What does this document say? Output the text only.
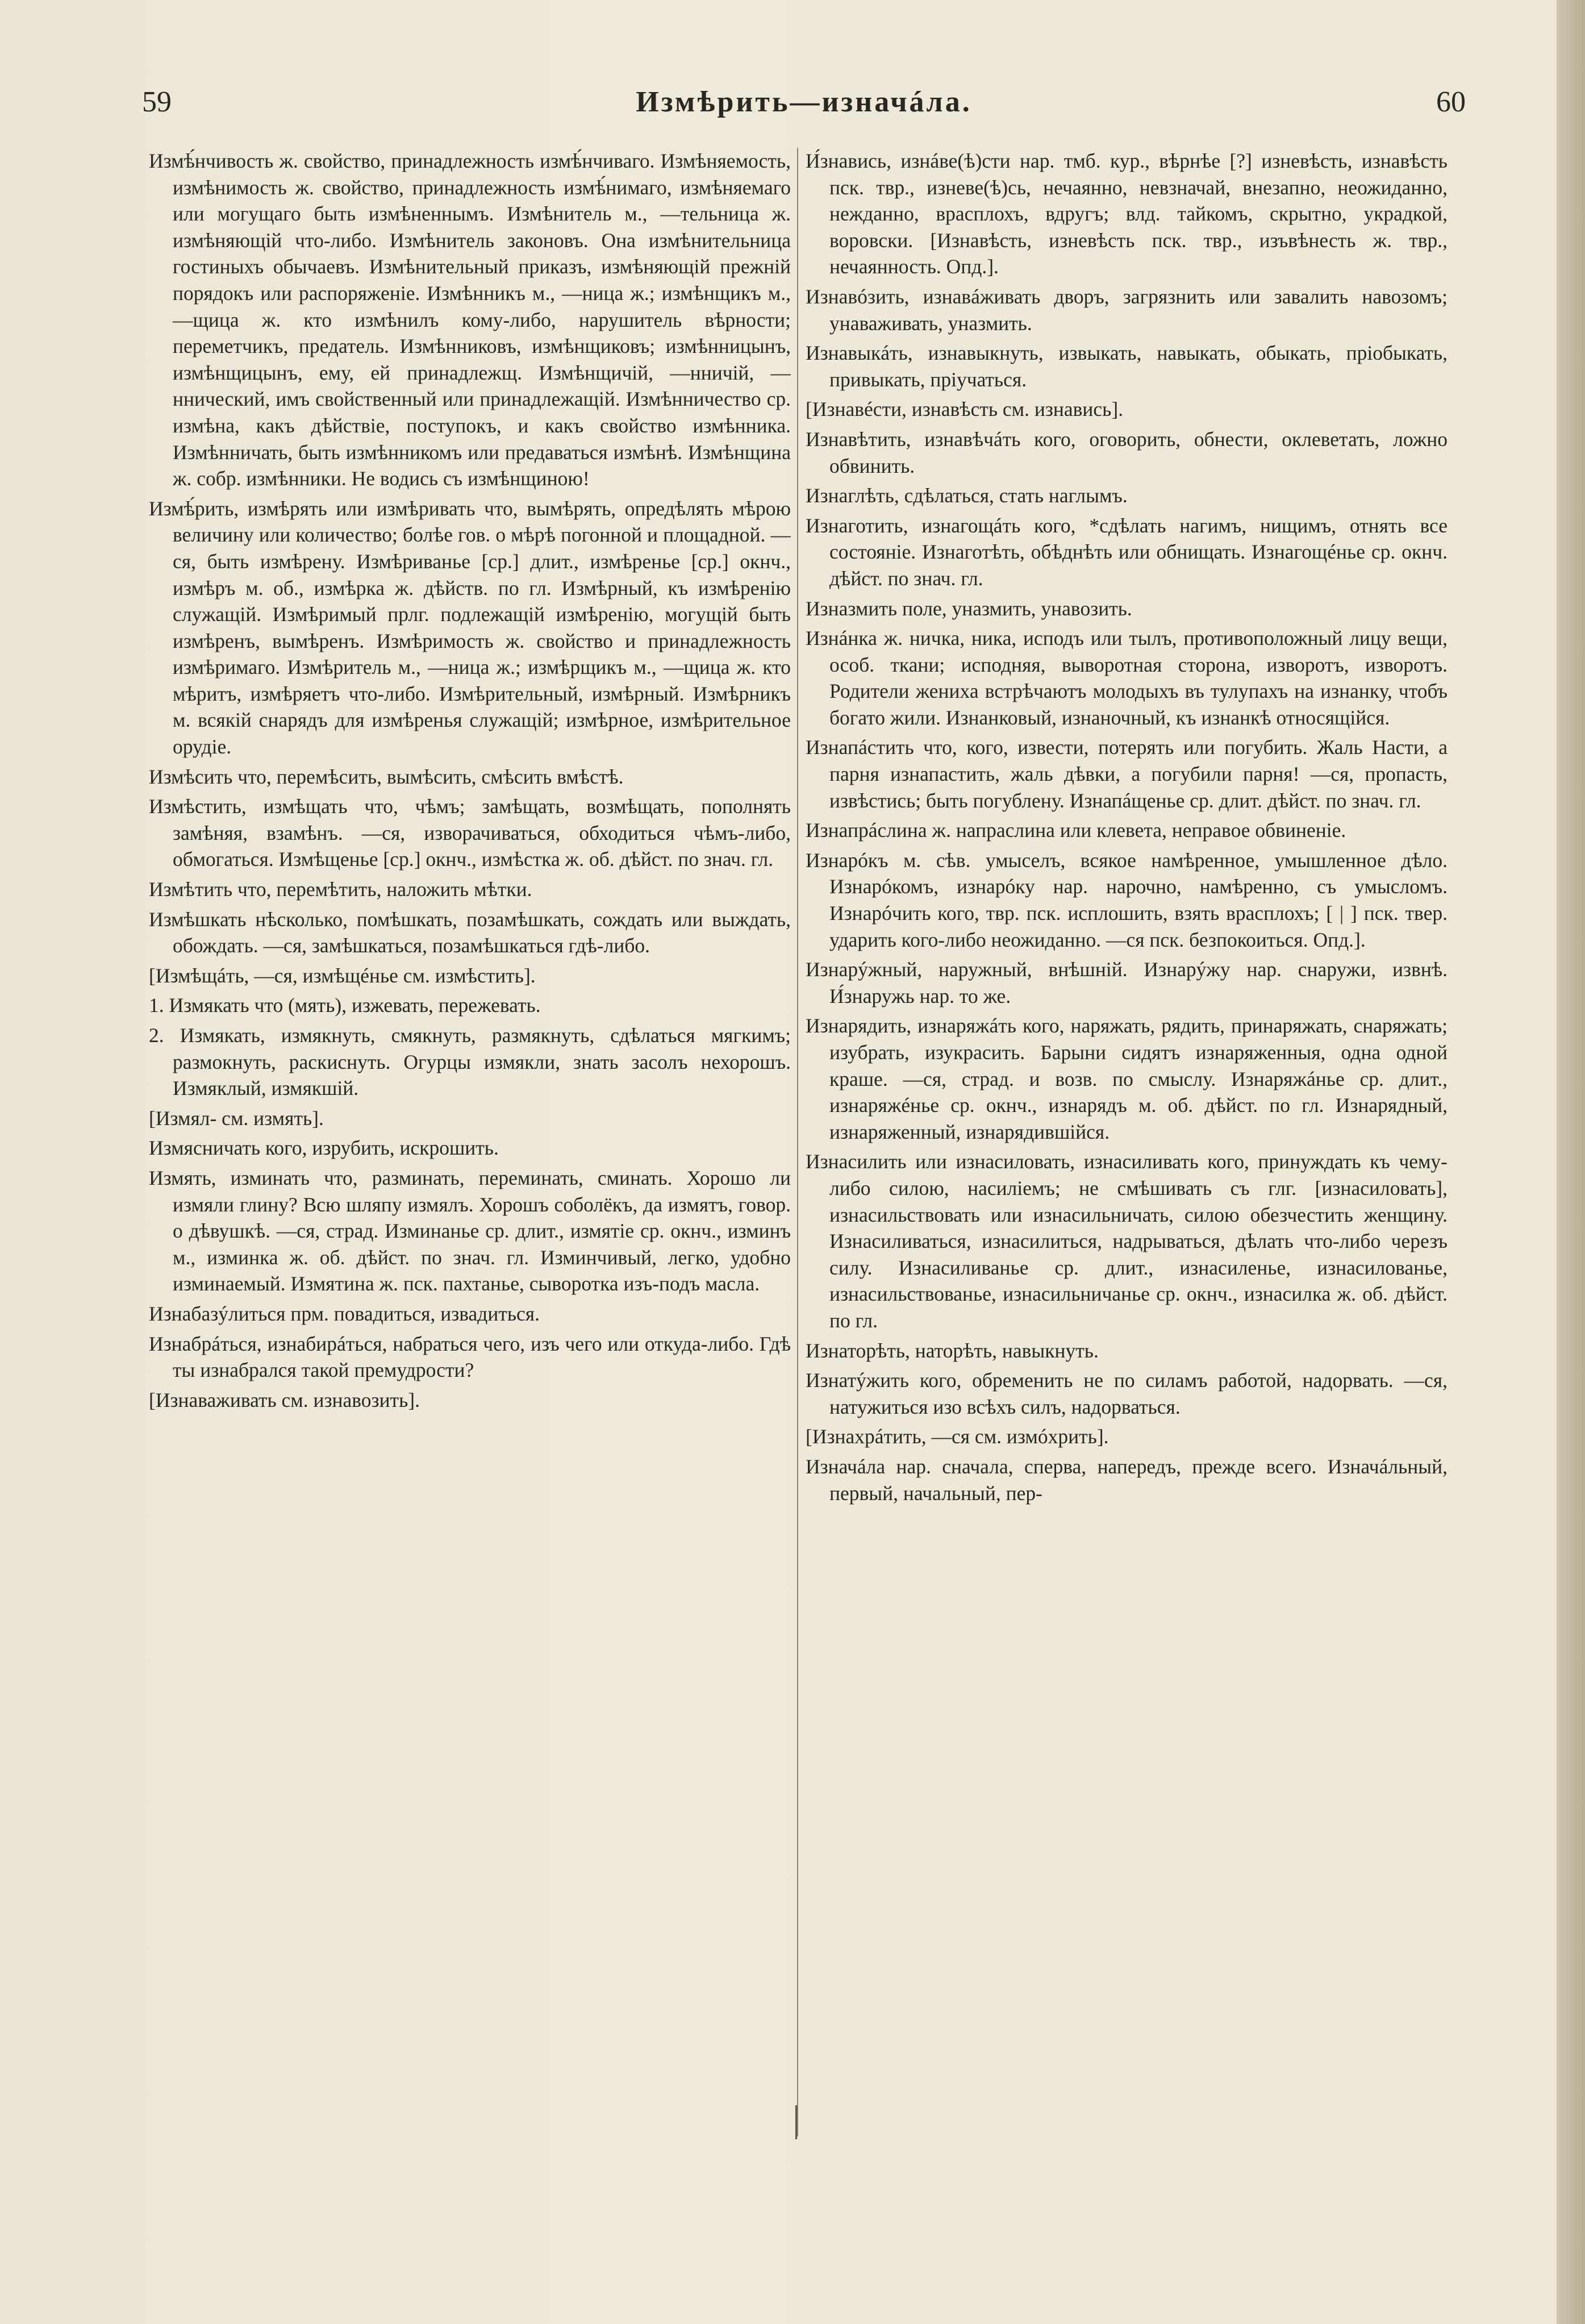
59	Измѣрить—изначáла.	60

Измѣ́нчивость ж. свойство, принадлежность измѣ́нчиваго. Измѣняемость, измѣнимость ж. свойство, принадлежность измѣ́нимаго, измѣняемаго или могущаго быть измѣненнымъ. Измѣнитель м., —тельница ж. измѣняющій что-либо. Измѣнитель законовъ. Она измѣнительница гостиныхъ обычаевъ. Измѣнительный приказъ, измѣняющій прежній порядокъ или распоряженіе. Измѣнникъ м., —ница ж.; измѣнщикъ м., —щица ж. кто измѣнилъ кому-либо, нарушитель вѣрности; переметчикъ, предатель. Измѣнниковъ, измѣнщиковъ; измѣнницынъ, измѣнщицынъ, ему, ей принадлежщ. Измѣнщичій, —нничій, —ннический, имъ свойственный или принадлежащій. Измѣнничество ср. измѣна, какъ дѣйствіе, поступокъ, и какъ свойство измѣнника. Измѣнничать, быть измѣнникомъ или предаваться измѣнѣ. Измѣнщина ж. собр. измѣнники. Не водись съ измѣнщиною!

Измѣ́рить, измѣрять или измѣривать что, вымѣрять, опредѣлять мѣрою величину или количество; болѣе гов. о мѣрѣ погонной и площадной. —ся, быть измѣрену. Измѣриванье [ср.] длит., измѣренье [ср.] окнч., измѣръ м. об., измѣрка ж. дѣйств. по гл. Измѣрный, къ измѣренію служащій. Измѣримый прлг. подлежащій измѣренію, могущій быть измѣренъ, вымѣренъ. Измѣримость ж. свойство и принадлежность измѣримаго. Измѣритель м., —ница ж.; измѣрщикъ м., —щица ж. кто мѣритъ, измѣряетъ что-либо. Измѣрительный, измѣрный. Измѣрникъ м. всякій снарядъ для измѣренья служащій; измѣрное, измѣрительное орудіе.

Измѣсить что, перемѣсить, вымѣсить, смѣсить вмѣстѣ.

Измѣстить, измѣщать что, чѣмъ; замѣщать, возмѣщать, пополнять замѣняя, взамѣнъ. —ся, изворачиваться, обходиться чѣмъ-либо, обмогаться. Измѣщенье [ср.] окнч., измѣстка ж. об. дѣйст. по знач. гл.

Измѣтить что, перемѣтить, наложить мѣтки.

Измѣшкать нѣсколько, помѣшкать, позамѣшкать, сождать или выждать, обождать. —ся, замѣшкаться, позамѣшкаться гдѣ-либо.

[Измѣщáть, —ся, измѣщéнье см. измѣстить].

1. Измякать что (мять), изжевать, пережевать.

2. Измякать, измякнуть, смякнуть, размякнуть, сдѣлаться мягкимъ; размокнуть, раскиснуть. Огурцы измякли, знать засолъ нехорошъ. Измяклый, измякшій.

[Измял- см. измять].

Измясничать кого, изрубить, искрошить.

Измять, изминать что, разминать, переминать, сминать. Хорошо ли измяли глину? Всю шляпу измялъ. Хорошъ соболёкъ, да измятъ, говор. о дѣвушкѣ. —ся, страд. Изминанье ср. длит., измятіе ср. окнч., изминъ м., изминка ж. об. дѣйст. по знач. гл. Изминчивый, легко, удобно изминаемый. Измятина ж. пск. пахтанье, сыворотка изъ-подъ масла.

Изнабазýлиться прм. повадиться, извадиться.

Изнабрáться, изнабирáться, набраться чего, изъ чего или откуда-либо. Гдѣ ты изнабрался такой премудрости?

[Изнаваживать см. изнавозить].

И́знавись, изнáве(ѣ)сти нар. тмб. кур., вѣрнѣе [?] изневѣсть, изнавѣсть пск. твр., изневе(ѣ)сь, нечаянно, невзначай, внезапно, неожиданно, нежданно, врасплохъ, вдругъ; влд. тайкомъ, скрытно, украдкой, воровски. [Изнавѣсть, изневѣсть пск. твр., изъвѣнесть ж. твр., нечаянность. Опд.].

Изнавóзить, изнавáживать дворъ, загрязнить или завалить навозомъ; унаваживать, уназмить.

Изнавыкáть, изнавыкнуть, извыкать, навыкать, обыкать, пріобыкать, привыкать, пріучаться.

[Изнавéсти, изнавѣсть см. изнавись].

Изнавѣтить, изнавѣчáть кого, оговорить, обнести, оклеветать, ложно обвинить.

Изнаглѣть, сдѣлаться, стать наглымъ.

Изнаготить, изнагощáть кого, *сдѣлать нагимъ, нищимъ, отнять все состояніе. Изнаготѣть, обѣднѣть или обнищать. Изнагощéнье ср. окнч. дѣйст. по знач. гл.

Изназмить поле, уназмить, унавозить.

Изнáнка ж. ничка, ника, исподъ или тылъ, противоположный лицу вещи, особ. ткани; исподняя, выворотная сторона, изворотъ, изворотъ. Родители жениха встрѣчаютъ молодыхъ въ тулупахъ на изнанку, чтобъ богато жили. Изнанковый, изнаночный, къ изнанкѣ относящійся.

Изнапáстить что, кого, извести, потерять или погубить. Жаль Насти, а парня изнапастить, жаль дѣвки, а погубили парня! —ся, пропасть, извѣстись; быть погублену. Изнапáщенье ср. длит. дѣйст. по знач. гл.

Изнапрáслина ж. напраслина или клевета, неправое обвиненіе.

Изнарóкъ м. сѣв. умыселъ, всякое намѣренное, умышленное дѣло. Изнарóкомъ, изнарóку нар. нарочно, намѣренно, съ умысломъ. Изнарóчить кого, твр. пск. исплошить, взять врасплохъ; [ | ] пск. твер. ударить кого-либо неожиданно. —ся пск. безпокоиться. Опд.].

Изнарýжный, наружный, внѣшній. Изнарýжу нар. снаружи, извнѣ. И́знаружь нар. то же.

Изнарядить, изнаряжáть кого, наряжать, рядить, принаряжать, снаряжать; изубрать, изукрасить. Барыни сидятъ изнаряженныя, одна одной краше. —ся, страд. и возв. по смыслу. Изнаряжáнье ср. длит., изнаряжéнье ср. окнч., изнарядъ м. об. дѣйст. по гл. Изнарядный, изнаряженный, изнарядившійся.

Изнасилить или изнасиловать, изнасиливать кого, принуждать къ чему-либо силою, насиліемъ; не смѣшивать съ глг. [изнасиловать], изнасильствовать или изнасильничать, силою обезчестить женщину. Изнасиливаться, изнасилиться, надрываться, дѣлать что-либо черезъ силу. Изнасиливанье ср. длит., изнасиленье, изнасилованье, изнасильствованье, изнасильничанье ср. окнч., изнасилка ж. об. дѣйст. по гл.

Изнаторѣть, наторѣть, навыкнуть.

Изнатýжить кого, обременить не по силамъ работой, надорвать. —ся, натужиться изо всѣхъ силъ, надорваться.

[Изнахрáтить, —ся см. измóхрить].

Изначáла нар. сначала, сперва, напередъ, прежде всего. Изначáльный, первый, начальный, пер-
